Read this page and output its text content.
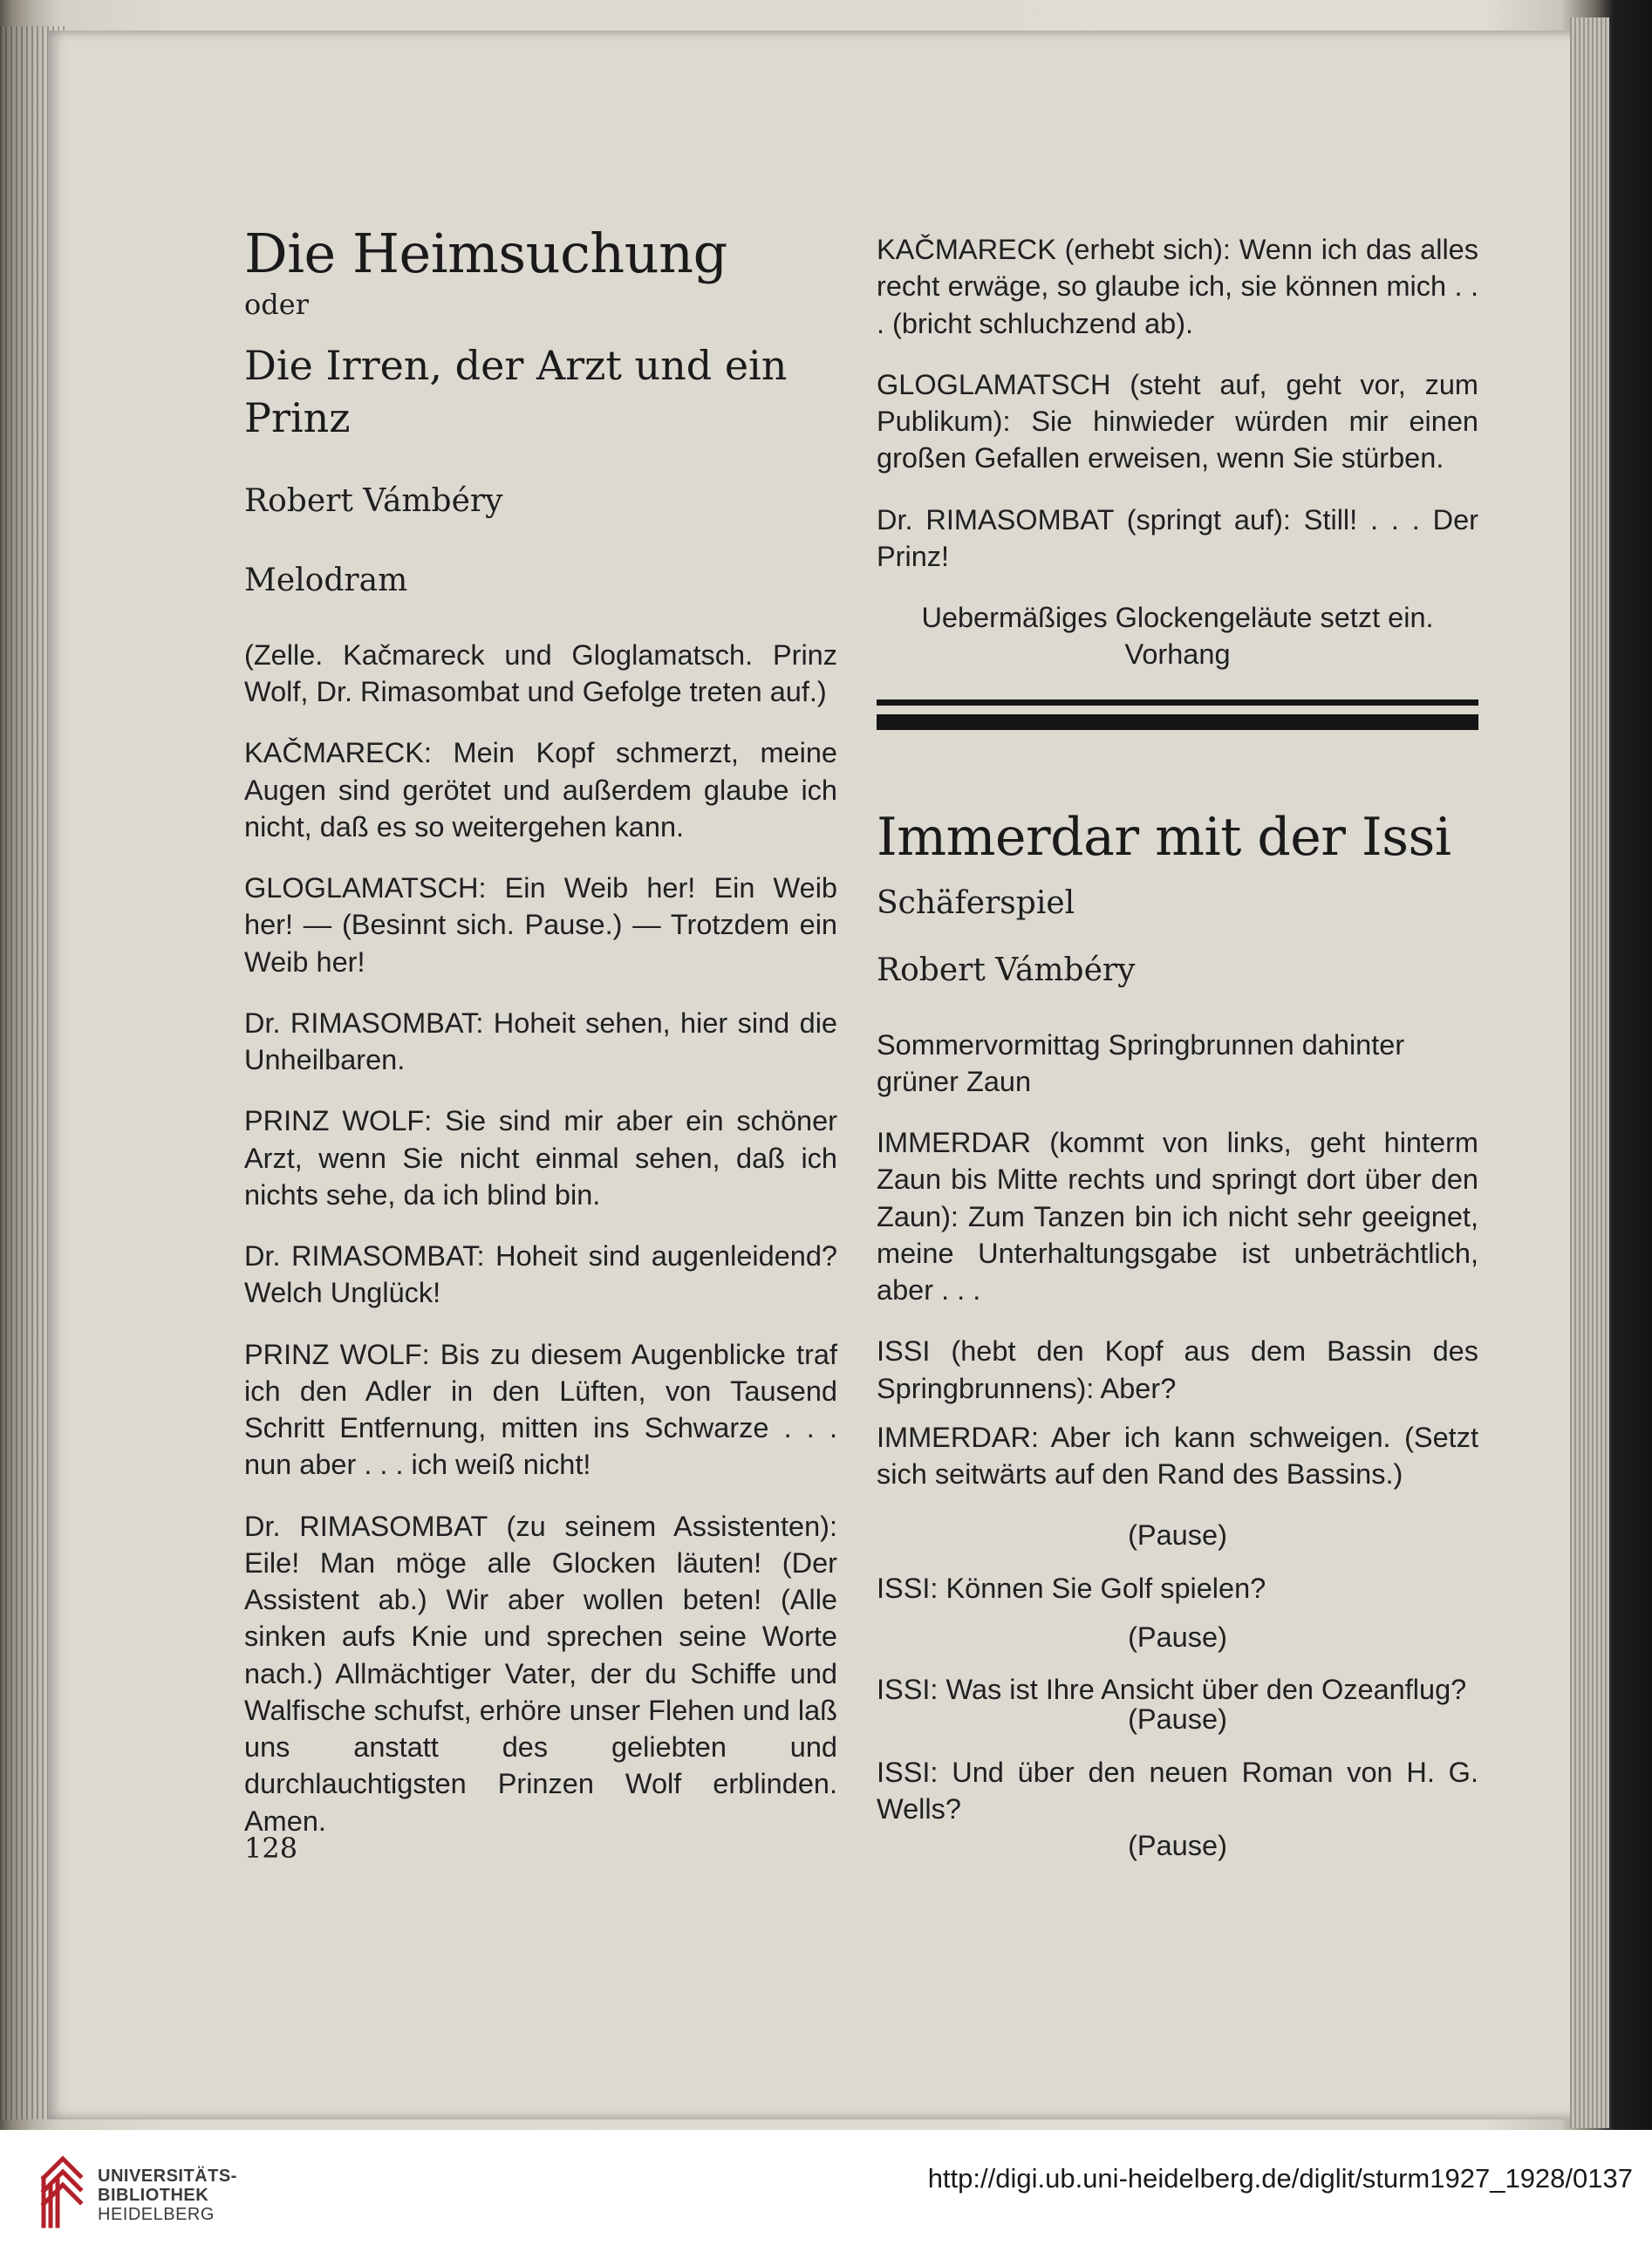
Die Heimsuchung
oder
Die Irren, der Arzt und ein Prinz
Robert Vámbéry
Melodram

(Zelle. Kačmareck und Gloglamatsch. Prinz Wolf, Dr. Rimasombat und Gefolge treten auf.)

KAČMARECK: Mein Kopf schmerzt, meine Augen sind gerötet und außerdem glaube ich nicht, daß es so weitergehen kann.

GLOGLAMATSCH: Ein Weib her! Ein Weib her! — (Besinnt sich. Pause.) — Trotzdem ein Weib her!

Dr. RIMASOMBAT: Hoheit sehen, hier sind die Unheilbaren.

PRINZ WOLF: Sie sind mir aber ein schöner Arzt, wenn Sie nicht einmal sehen, daß ich nichts sehe, da ich blind bin.

Dr. RIMASOMBAT: Hoheit sind augenleidend? Welch Unglück!

PRINZ WOLF: Bis zu diesem Augenblicke traf ich den Adler in den Lüften, von Tausend Schritt Entfernung, mitten ins Schwarze . . . nun aber . . . ich weiß nicht!

Dr. RIMASOMBAT (zu seinem Assistenten): Eile! Man möge alle Glocken läuten! (Der Assistent ab.) Wir aber wollen beten! (Alle sinken aufs Knie und sprechen seine Worte nach.) Allmächtiger Vater, der du Schiffe und Walfische schufst, erhöre unser Flehen und laß uns anstatt des geliebten und durchlauchtigsten Prinzen Wolf erblinden. Amen.

128

KAČMARECK (erhebt sich): Wenn ich das alles recht erwäge, so glaube ich, sie können mich . . . (bricht schluchzend ab).

GLOGLAMATSCH (steht auf, geht vor, zum Publikum): Sie hinwieder würden mir einen großen Gefallen erweisen, wenn Sie stürben.

Dr. RIMASOMBAT (springt auf): Still! . . . Der Prinz!

Uebermäßiges Glockengeläute setzt ein.

Vorhang

Immerdar mit der Issi
Schäferspiel
Robert Vámbéry

Sommervormittag Springbrunnen dahinter grüner Zaun

IMMERDAR (kommt von links, geht hinterm Zaun bis Mitte rechts und springt dort über den Zaun): Zum Tanzen bin ich nicht sehr geeignet, meine Unterhaltungsgabe ist unbeträchtlich, aber . . .

ISSI (hebt den Kopf aus dem Bassin des Springbrunnens): Aber?

IMMERDAR: Aber ich kann schweigen. (Setzt sich seitwärts auf den Rand des Bassins.)

(Pause)

ISSI: Können Sie Golf spielen?

(Pause)

ISSI: Was ist Ihre Ansicht über den Ozeanflug?

(Pause)

ISSI: Und über den neuen Roman von H. G. Wells?

(Pause)

UNIVERSITÄTS-
BIBLIOTHEK
HEIDELBERG
http://digi.ub.uni-heidelberg.de/diglit/sturm1927_1928/0137
